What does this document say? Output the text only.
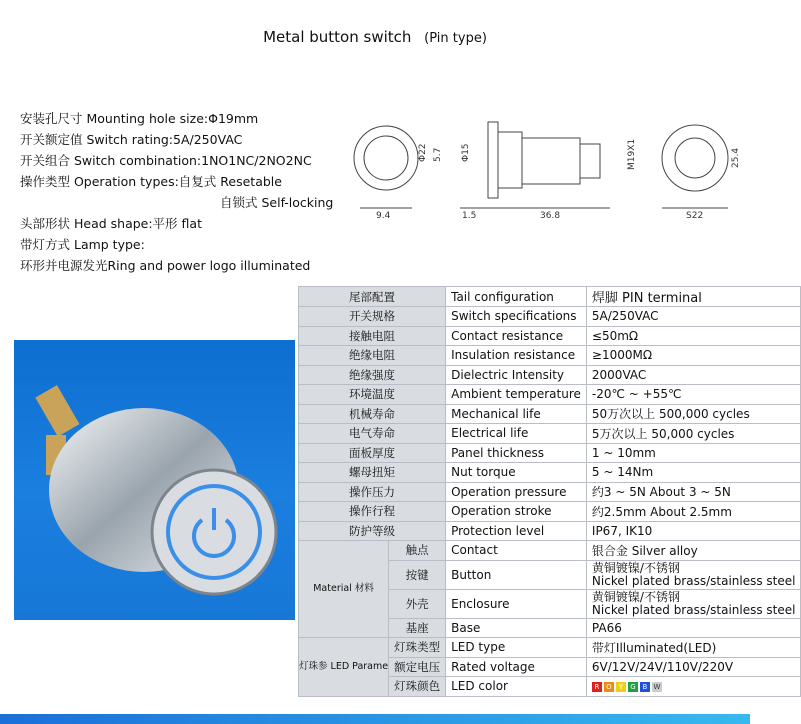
Metal button switch (Pin type)
安装孔尺寸 Mounting hole size:Φ19mm
开关额定值 Switch rating:5A/250VAC
开关组合 Switch combination:1NO1NC/2NO2NC
操作类型 Operation types:自复式 Resetable
自锁式 Self-locking
头部形状 Head shape:平形 flat
带灯方式 Lamp type:
环形并电源发光Ring and power logo illuminated
Φ22	Φ15
5.7
9.4	1.5	36.8
M19X1	25.4
S22
尾部配置		Tail configuration	焊脚 PIN terminal
开关规格		Switch specifications	5A/250VAC
接触电阻		Contact resistance	≤50mΩ
绝缘电阻		Insulation resistance	≥1000MΩ
绝缘强度		Dielectric Intensity	2000VAC
环境温度		Ambient temperature	-20℃ ~ +55℃
机械寿命		Mechanical life	50万次以上 500,000 cycles
电气寿命		Electrical life	5万次以上 50,000 cycles
面板厚度		Panel thickness	1 ~ 10mm
螺母扭矩		Nut torque	5 ~ 14Nm
操作压力		Operation pressure	约3 ~ 5N About 3 ~ 5N
操作行程		Operation stroke	约2.5mm About 2.5mm
防护等级		Protection level	IP67, IK10
Material 材料	触点	Contact	银合金 Silver alloy
	按键	Button	黄铜镀镍/不锈钢
Nickel plated brass/stainless steel

	外壳	Enclosure	黄铜镀镍/不锈钢
Nickel plated brass/stainless steel

	基座	Base	PA66
灯珠参 LED Parame	灯珠类型	LED type	带灯Illuminated(LED)
	额定电压	Rated voltage	6V/12V/24V/110V/220V
	灯珠颜色	LED color	R O Y G B W
